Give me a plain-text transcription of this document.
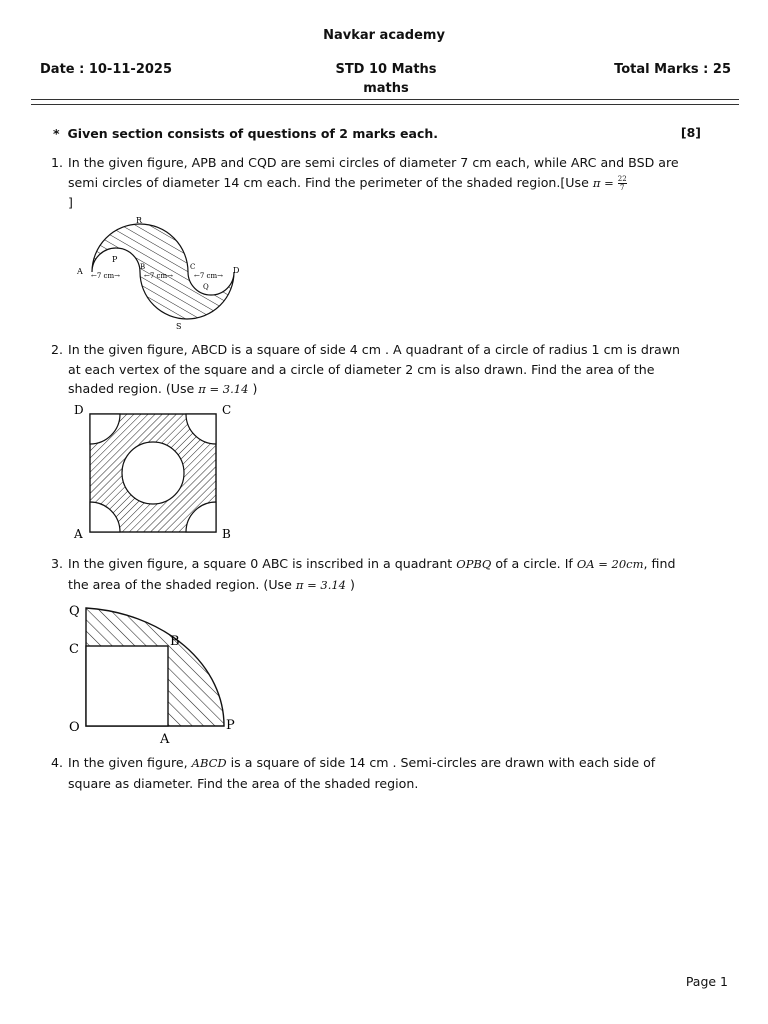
Navkar academy
Date : 10-11-2025	STD 10 Maths
maths
Total Marks : 25
* Given section consists of questions of 2 marks each.	[8]
1. In the given figure, APB and CQD are semi circles of diameter 7 cm each, while ARC and BSD are semi circles of diameter 14 cm each. Find the perimeter of the shaded region.[Use $\pi = \frac{22}{7}$

]
R
P
B	C
Q
A	D
S
←7 cm→	←7 cm→	←7 cm→
2. In the given figure, ABCD is a square of side 4 cm . A quadrant of a circle of radius 1 cm is drawn at each vertex of the square and a circle of diameter 2 cm is also drawn. Find the area of the shaded region. (Use π = 3.14 )
D	C
A	B
3. In the given figure, a square 0 ABC is inscribed in a quadrant OPBQ of a circle. If OA = 20cm, find the area of the shaded region. (Use π = 3.14 )
Q
C
B
O
A
P
4. In the given figure, ABCD is a square of side 14 cm . Semi-circles are drawn with each side of square as diameter. Find the area of the shaded region.
Page 1
